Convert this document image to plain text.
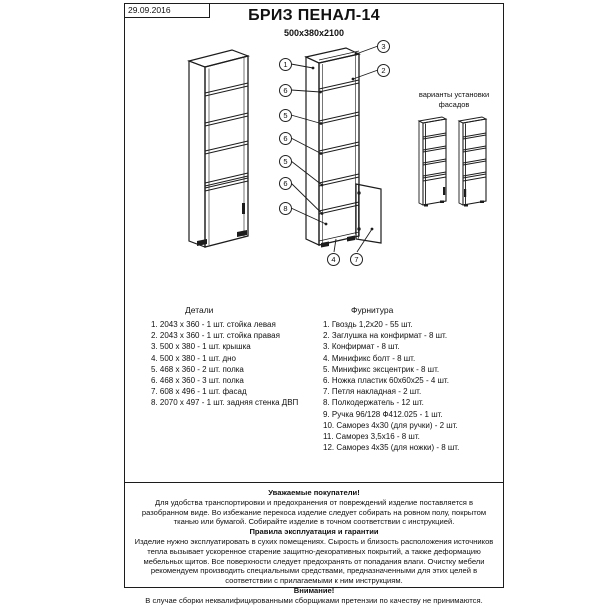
29.09.2016	БРИЗ ПЕНАЛ-14
500x380x2100
1
6
5
6
5
6
8
3
2
4	7
варианты установки
фасадов
Детали
1. 2043 x 360 - 1 шт. стойка левая
2. 2043 x 360 - 1 шт. стойка правая
3. 500 x 380 - 1 шт. крышка
4. 500 x 380 - 1 шт. дно
5. 468 x 360 - 2 шт. полка
6. 468 x 360 - 3 шт. полка
7. 608 x 496 - 1 шт. фасад
8. 2070 x 497 - 1 шт. задняя стенка ДВП
Фурнитура
1. Гвоздь 1,2x20 - 55 шт.
2. Заглушка на конфирмат - 8 шт.
3. Конфирмат - 8 шт.
4. Минификс болт - 8 шт.
5. Минификс эксцентрик - 8 шт.
6. Ножка пластик 60x60x25 - 4 шт.
7. Петля накладная - 2 шт.
8. Полкодержатель - 12 шт.
9. Ручка 96/128 Ф412.025 - 1 шт.
10. Саморез 4x30 (для ручки) - 2 шт.
11. Саморез 3,5x16 - 8 шт.
12. Саморез 4x35 (для ножки) - 8 шт.
Уважаемые покупатели!
Для удобства транспортировки и предохранения от повреждений изделие поставляется в разобранном виде. Во избежание перекоса изделие следует собирать на ровном полу, покрытом тканью или бумагой. Собирайте изделие в точном соответствии с инструкцией.
Правила эксплуатация и гарантии
Изделие нужно эксплуатировать в сухих помещениях. Сырость и близость расположения источников тепла вызывает ускоренное старение защитно-декоративных покрытий, а также деформацию мебельных щитов. Все поверхности следует предохранять от попадания влаги. Очистку мебели рекомендуем производить специальными средствами, предназначенными для этих целей в соответствии с прилагаемыми к ним инструкциям.
Внимание!
В случае сборки неквалифицированными сборщиками претензии по качеству не принимаются.
